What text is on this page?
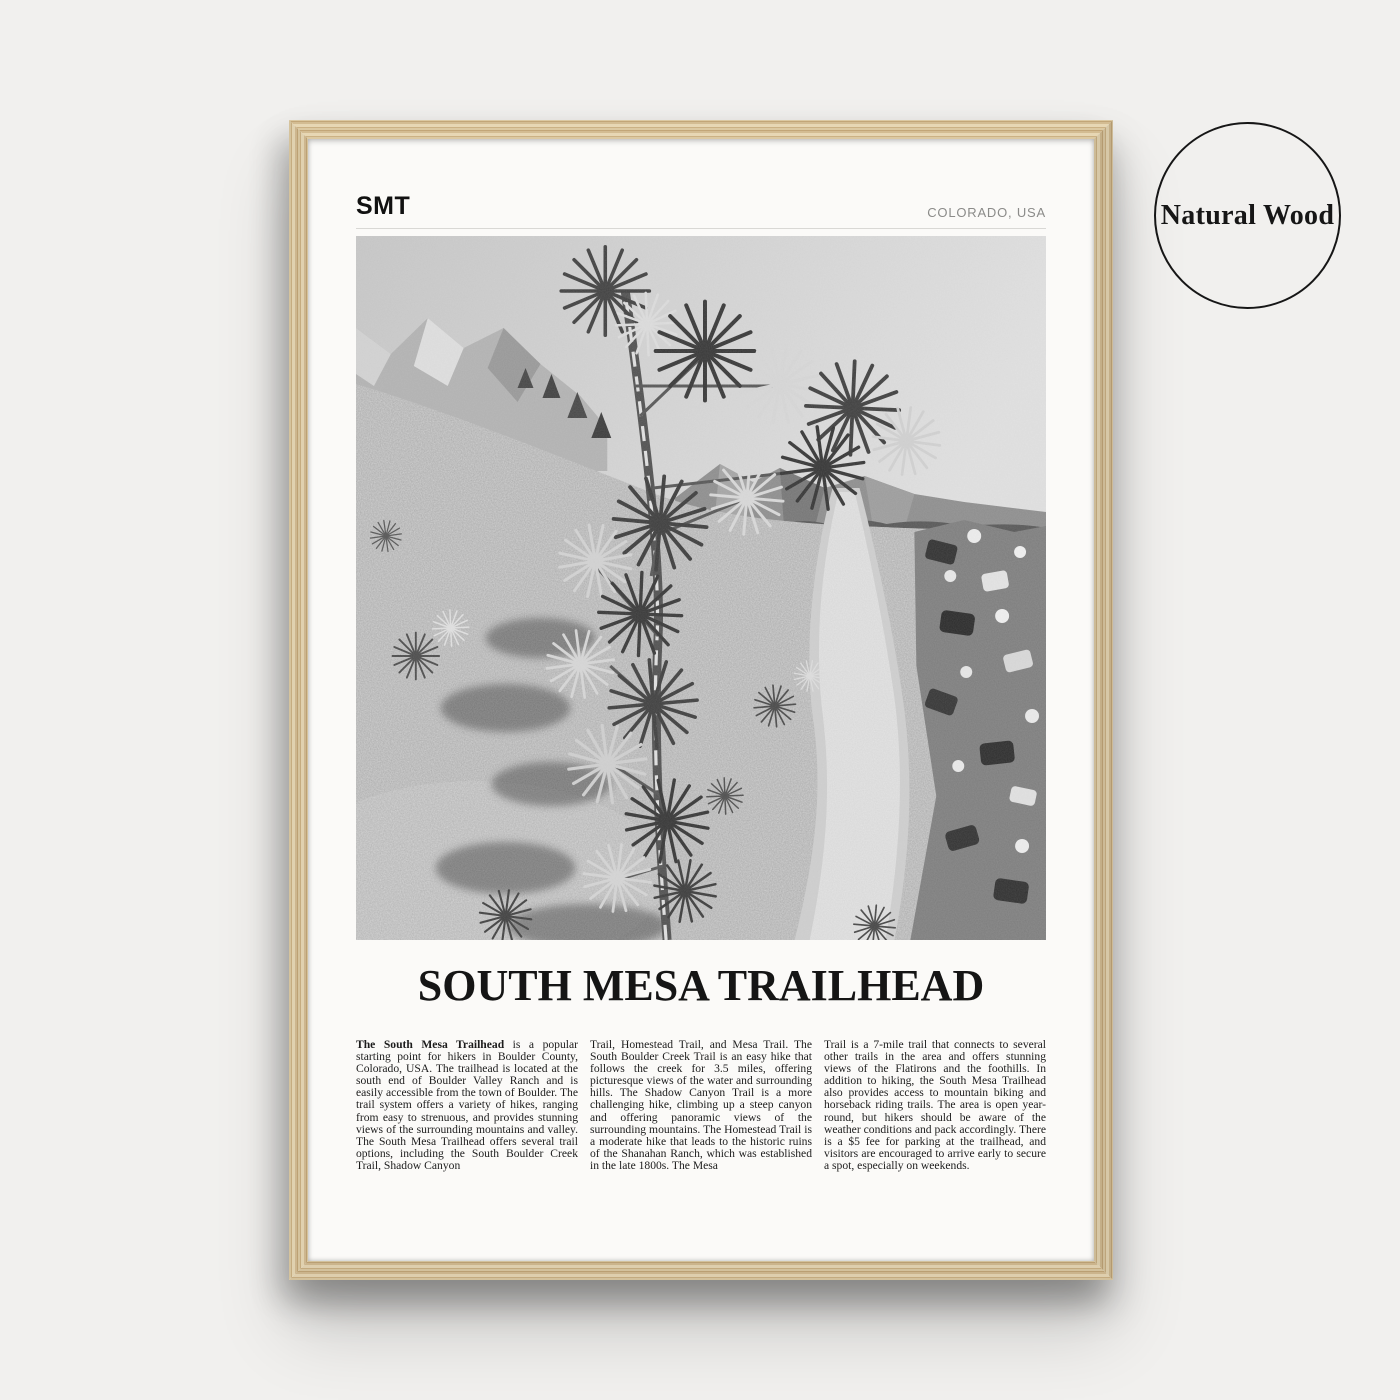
SMT	COLORADO, USA
SOUTH MESA TRAILHEAD
The South Mesa Trailhead is a popular starting point for hikers in Boulder County, Colorado, USA. The trailhead is located at the south end of Boulder Valley Ranch and is easily accessible from the town of Boulder. The trail system offers a variety of hikes, ranging from easy to strenuous, and provides stunning views of the surrounding mountains and valley. The South Mesa Trailhead offers several trail options, including the South Boulder Creek Trail, Shadow Canyon
Trail, Homestead Trail, and Mesa Trail. The South Boulder Creek Trail is an easy hike that follows the creek for 3.5 miles, offering picturesque views of the water and surrounding hills. The Shadow Canyon Trail is a more challenging hike, climbing up a steep canyon and offering panoramic views of the surrounding mountains. The Homestead Trail is a moderate hike that leads to the historic ruins of the Shanahan Ranch, which was established in the late 1800s. The Mesa
Trail is a 7-mile trail that connects to several other trails in the area and offers stunning views of the Flatirons and the foothills. In addition to hiking, the South Mesa Trailhead also provides access to mountain biking and horseback riding trails. The area is open year-round, but hikers should be aware of the weather conditions and pack accordingly. There is a $5 fee for parking at the trailhead, and visitors are encouraged to arrive early to secure a spot, especially on weekends.
Natural Wood
